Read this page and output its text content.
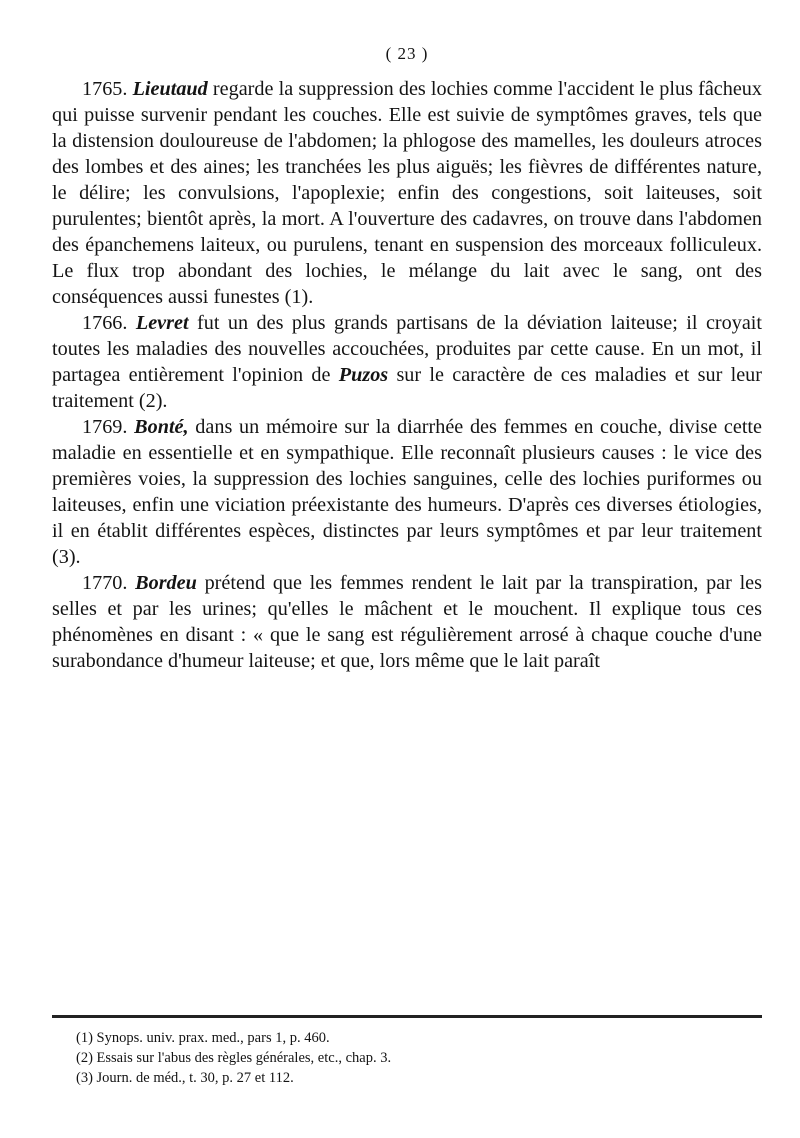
( 23 )

1765. Lieutaud regarde la suppression des lochies comme l'accident le plus fâcheux qui puisse survenir pendant les couches. Elle est suivie de symptômes graves, tels que la distension douloureuse de l'abdomen; la phlogose des mamelles, les douleurs atroces des lombes et des aines; les tranchées les plus aiguës; les fièvres de différentes nature, le délire; les convulsions, l'apoplexie; enfin des congestions, soit laiteuses, soit purulentes; bientôt après, la mort. A l'ouverture des cadavres, on trouve dans l'abdomen des épanchemens laiteux, ou purulens, tenant en suspension des morceaux folliculeux. Le flux trop abondant des lochies, le mélange du lait avec le sang, ont des conséquences aussi funestes (1).

1766. Levret fut un des plus grands partisans de la déviation laiteuse; il croyait toutes les maladies des nouvelles accouchées, produites par cette cause. En un mot, il partagea entièrement l'opinion de Puzos sur le caractère de ces maladies et sur leur traitement (2).

1769. Bonté, dans un mémoire sur la diarrhée des femmes en couche, divise cette maladie en essentielle et en sympathique. Elle reconnaît plusieurs causes : le vice des premières voies, la suppression des lochies sanguines, celle des lochies puriformes ou laiteuses, enfin une viciation préexistante des humeurs. D'après ces diverses étiologies, il en établit différentes espèces, distinctes par leurs symptômes et par leur traitement (3).

1770. Bordeu prétend que les femmes rendent le lait par la transpiration, par les selles et par les urines; qu'elles le mâchent et le mouchent. Il explique tous ces phénomènes en disant : « que le sang est régulièrement arrosé à chaque couche d'une surabondance d'humeur laiteuse; et que, lors même que le lait paraît

(1) Synops. univ. prax. med., pars 1, p. 460.

(2) Essais sur l'abus des règles générales, etc., chap. 3.

(3) Journ. de méd., t. 30, p. 27 et 112.
